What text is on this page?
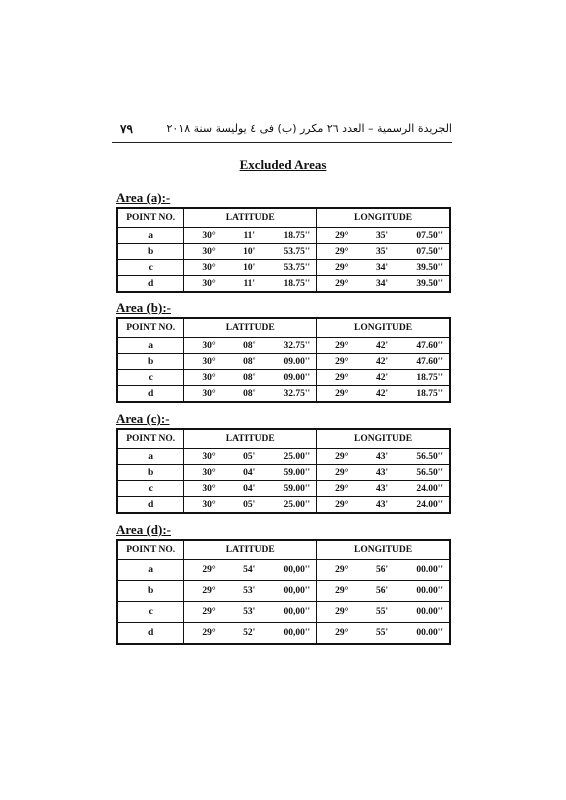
٧٩	الجريدة الرسمية – العدد ٢٦ مكرر (ب) فى ٤ يوليسة سنة ٢٠١٨
Excluded Areas
Area (a):-
POINT NO.	LATITUDE	LONGITUDE
a	30° 11' 18.75''	29° 35' 07.50''

b	30° 10' 53.75''	29° 35' 07.50''

c	30° 10' 53.75''	29° 34' 39.50''

d	30° 11' 18.75''	29° 34' 39.50''
Area (b):-
POINT NO.	LATITUDE	LONGITUDE
a	30° 08' 32.75''	29° 42' 47.60''

b	30° 08' 09.00''	29° 42' 47.60''

c	30° 08' 09.00''	29° 42' 18.75''

d	30° 08' 32.75''	29° 42' 18.75''
Area (c):-
POINT NO.	LATITUDE	LONGITUDE
a	30° 05' 25.00''	29° 43' 56.50''

b	30° 04' 59.00''	29° 43' 56.50''

c	30° 04' 59.00''	29° 43' 24.00''

d	30° 05' 25.00''	29° 43' 24.00''
Area (d):-
POINT NO.	LATITUDE	LONGITUDE
a	29° 54' 00,00''	29° 56' 00.00''

b	29° 53' 00,00''	29° 56' 00.00''

c	29° 53' 00,00''	29° 55' 00.00''

d	29° 52' 00,00''	29° 55' 00.00''
